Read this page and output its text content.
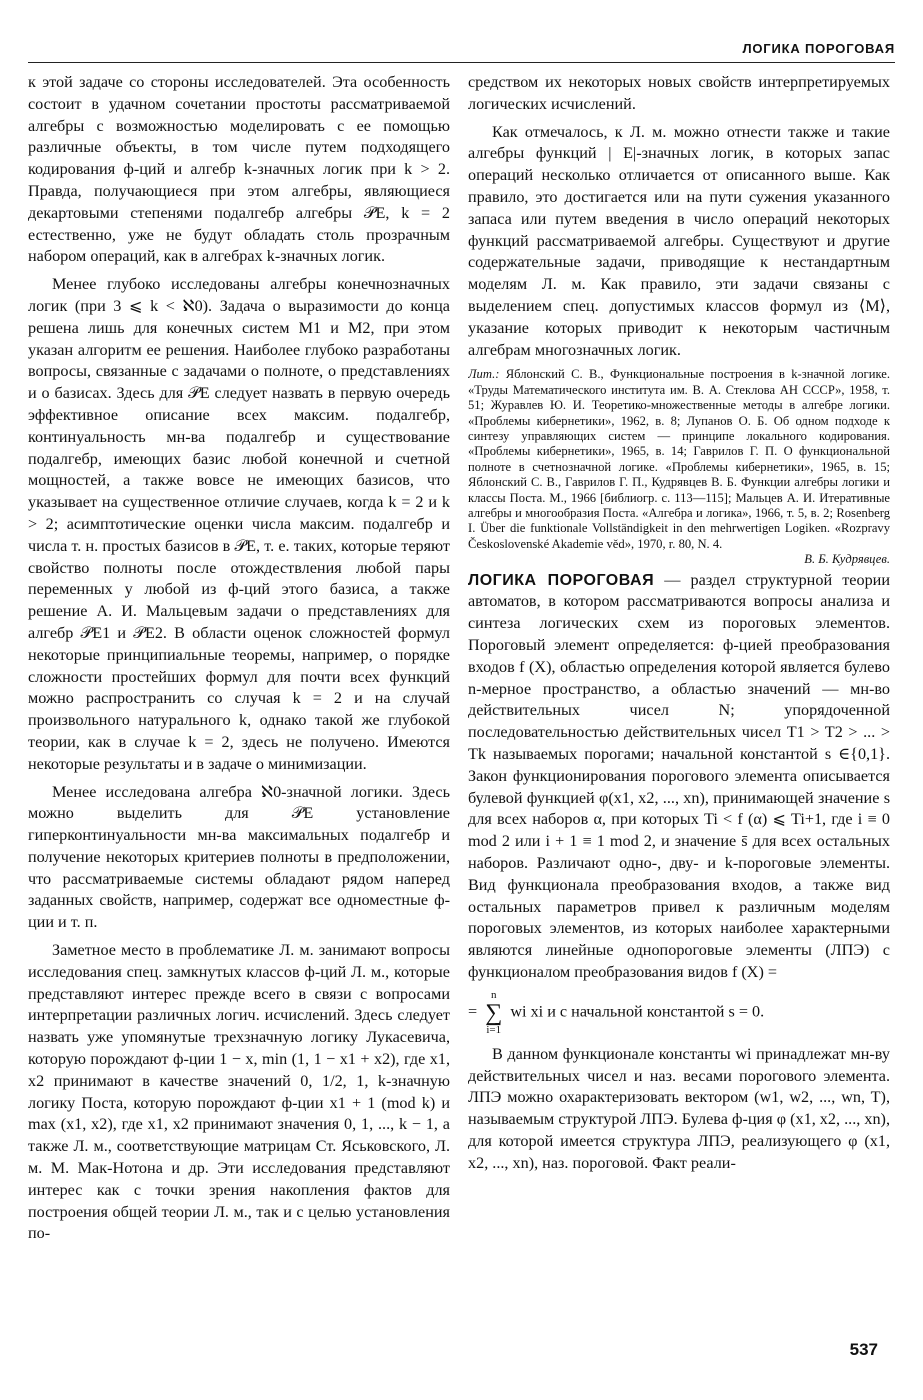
ЛОГИКА ПОРОГОВАЯ

к этой задаче со стороны исследователей. Эта особенность состоит в удачном сочетании простоты рассматриваемой алгебры с возможностью моделировать с ее помощью различные объекты, в том числе путем подходящего кодирования ф-ций и алгебр k-значных логик при k > 2. Правда, получающиеся при этом алгебры, являющиеся декартовыми степенями подалгебр алгебры 𝒫E, k = 2 естественно, уже не будут обладать столь прозрачным набором операций, как в алгебрах k-значных логик.

Менее глубоко исследованы алгебры конечнозначных логик (при 3 ⩽ k < ℵ0). Задача о выразимости до конца решена лишь для конечных систем M1 и M2, при этом указан алгоритм ее решения. Наиболее глубоко разработаны вопросы, связанные с задачами о полноте, о представлениях и о базисах. Здесь для 𝒫E следует назвать в первую очередь эффективное описание всех максим. подалгебр, континуальность мн-ва подалгебр и существование подалгебр, имеющих базис любой конечной и счетной мощностей, а также вовсе не имеющих базисов, что указывает на существенное отличие случаев, когда k = 2 и k > 2; асимптотические оценки числа максим. подалгебр и числа т. н. простых базисов в 𝒫E, т. е. таких, которые теряют свойство полноты после отождествления любой пары переменных у любой из ф-ций этого базиса, а также решение А. И. Мальцевым задачи о представлениях для алгебр 𝒫E1 и 𝒫E2. В области оценок сложностей формул некоторые принципиальные теоремы, например, о порядке сложности простейших формул для почти всех функций можно распространить со случая k = 2 и на случай произвольного натурального k, однако такой же глубокой теории, как в случае k = 2, здесь не получено. Имеются некоторые результаты и в задаче о минимизации.

Менее исследована алгебра ℵ0-значной логики. Здесь можно выделить для 𝒫E установление гиперконтинуальности мн-ва максимальных подалгебр и получение некоторых критериев полноты в предположении, что рассматриваемые системы обладают рядом наперед заданных свойств, например, содержат все одноместные ф-ции и т. п.

Заметное место в проблематике Л. м. занимают вопросы исследования спец. замкнутых классов ф-ций Л. м., которые представляют интерес прежде всего в связи с вопросами интерпретации различных логич. исчислений. Здесь следует назвать уже упомянутые трехзначную логику Лукасевича, которую порождают ф-ции 1 − x, min (1, 1 − x1 + x2), где x1, x2 принимают в качестве значений 0, 1/2, 1, k-значную логику Поста, которую порождают ф-ции x1 + 1 (mod k) и max (x1, x2), где x1, x2 принимают значения 0, 1, ..., k − 1, а также Л. м., соответствующие матрицам Ст. Яськовского, Л. м. М. Мак-Нотона и др. Эти исследования представляют интерес как с точки зрения накопления фактов для построения общей теории Л. м., так и с целью установления по-

средством их некоторых новых свойств интерпретируемых логических исчислений.

Как отмечалось, к Л. м. можно отнести также и такие алгебры функций | E|-значных логик, в которых запас операций несколько отличается от описанного выше. Как правило, это достигается или на пути сужения указанного запаса или путем введения в число операций некоторых функций рассматриваемой алгебры. Существуют и другие содержательные задачи, приводящие к нестандартным моделям Л. м. Как правило, эти задачи связаны с выделением спец. допустимых классов формул из ⟨M⟩, указание которых приводит к некоторым частичным алгебрам многозначных логик.

Лит.: Яблонский С. В., Функциональные построения в k-значной логике. «Труды Математического института им. В. А. Стеклова АН СССР», 1958, т. 51; Журавлев Ю. И. Теоретико-множественные методы в алгебре логики. «Проблемы кибернетики», 1962, в. 8; Лупанов О. Б. Об одном подходе к синтезу управляющих систем — принципе локального кодирования. «Проблемы кибернетики», 1965, в. 14; Гаврилов Г. П. О функциональной полноте в счетнозначной логике. «Проблемы кибернетики», 1965, в. 15; Яблонский С. В., Гаврилов Г. П., Кудрявцев В. Б. Функции алгебры логики и классы Поста. М., 1966 [библиогр. с. 113—115]; Мальцев А. И. Итеративные алгебры и многообразия Поста. «Алгебра и логика», 1966, т. 5, в. 2; Rosenberg I. Über die funktionale Vollständigkeit in den mehrwertigen Logiken. «Rozpravy Československé Akademie věd», 1970, r. 80, N. 4.
В. Б. Кудрявцев.

ЛОГИКА ПОРОГОВАЯ — раздел структурной теории автоматов, в котором рассматриваются вопросы анализа и синтеза логических схем из пороговых элементов. Пороговый элемент определяется: ф-цией преобразования входов f (X), областью определения которой является булево n-мерное пространство, а областью значений — мн-во действительных чисел N; упорядоченной последовательностью действительных чисел T1 > T2 > ... > Tk называемых порогами; начальной константой s ∈{0,1}. Закон функционирования порогового элемента описывается булевой функцией φ(x1, x2, ..., xn), принимающей значение s для всех наборов α, при которых Ti < f (α) ⩽ Ti+1, где i ≡ 0 mod 2 или i + 1 ≡ 1 mod 2, и значение s̄ для всех остальных наборов. Различают одно-, дву- и k-пороговые элементы. Вид функционала преобразования входов, а также вид остальных параметров привел к различным моделям пороговых элементов, из которых наиболее характерными являются линейные однопороговые элементы (ЛПЭ) с функционалом преобразования видов f (X) =

= n
∑
i=1 wi xi и с начальной константой s = 0.

В данном функционале константы wi принадлежат мн-ву действительных чисел и наз. весами порогового элемента. ЛПЭ можно охарактеризовать вектором (w1, w2, ..., wn, T), называемым структурой ЛПЭ. Булева ф-ция φ (x1, x2, ..., xn), для которой имеется структура ЛПЭ, реализующего φ (x1, x2, ..., xn), наз. пороговой. Факт реали-

537
